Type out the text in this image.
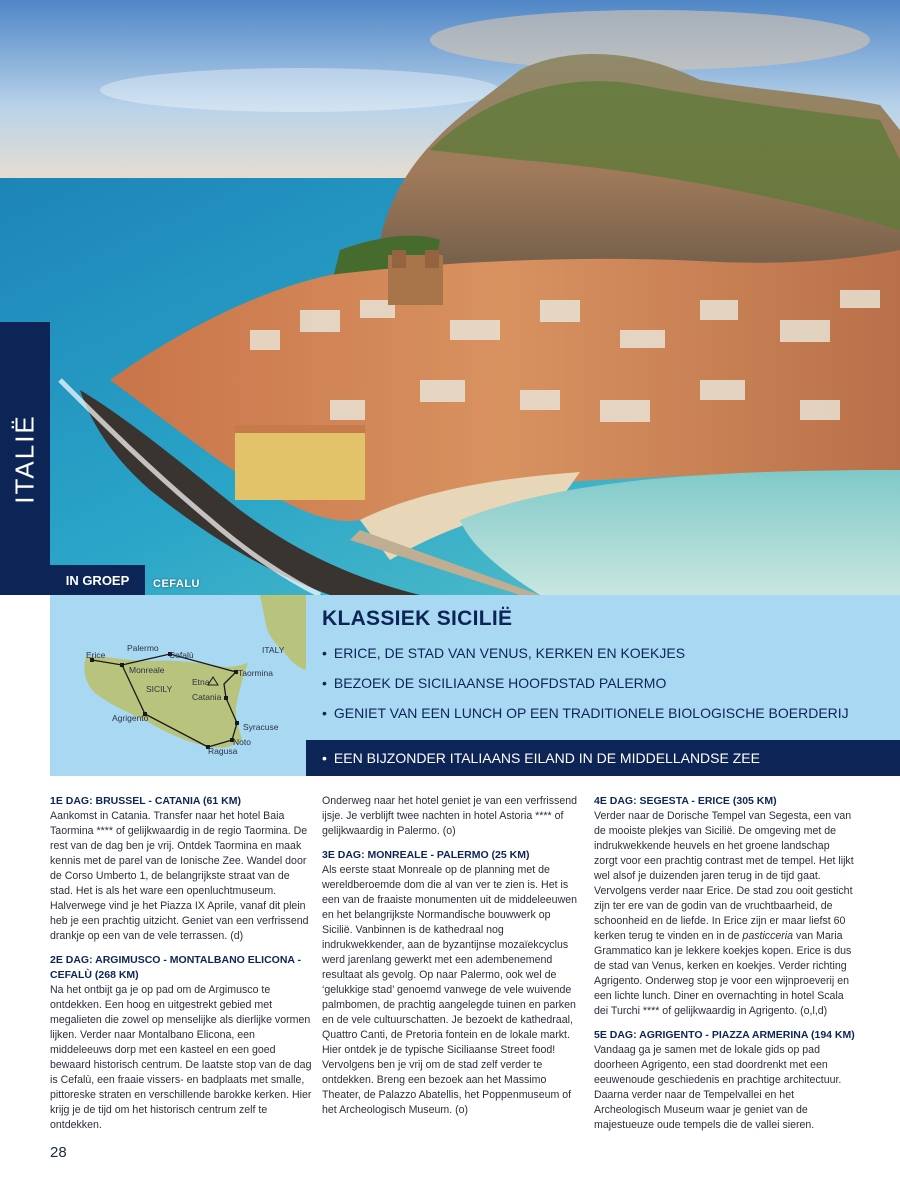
ITALIË
IN GROEP	CEFALU
Palermo
Erice	Cefalù	ITALY
Monreale	Taormina
Etna
SICILY
Catania
Agrigento
Syracuse
Noto
Ragusa
KLASSIEK SICILIË
• ERICE, DE STAD VAN VENUS, KERKEN EN KOEKJES
• BEZOEK DE SICILIAANSE HOOFDSTAD PALERMO
• GENIET VAN EEN LUNCH OP EEN TRADITIONELE BIOLOGISCHE BOERDERIJ
• EEN BIJZONDER ITALIAANS EILAND IN DE MIDDELLANDSE ZEE
1E DAG: BRUSSEL - CATANIA (61 KM)

Aankomst in Catania. Transfer naar het hotel Baia Taormina **** of gelijkwaardig in de regio Taormina. De rest van de dag ben je vrij. Ontdek Taormina en maak kennis met de parel van de Ionische Zee. Wandel door de Corso Umberto 1, de belangrijkste straat van de stad. Het is als het ware een openluchtmuseum. Halverwege vind je het Piazza IX Aprile, vanaf dit plein heb je een prachtig uitzicht. Geniet van een verfrissend drankje op een van de vele terrassen. (d)

2E DAG: ARGIMUSCO - MONTALBANO ELICONA - CEFALÙ (268 KM)

Na het ontbijt ga je op pad om de Argimusco te ontdekken. Een hoog en uitgestrekt gebied met megalieten die zowel op menselijke als dierlijke vormen lijken. Verder naar Montalbano Elicona, een middeleeuws dorp met een kasteel en een goed bewaard historisch centrum. De laatste stop van de dag is Cefalù, een fraaie vissers- en badplaats met smalle, pittoreske straten en verschillende barokke kerken. Hier krijg je de tijd om het historisch centrum zelf te ontdekken.

Onderweg naar het hotel geniet je van een verfrissend ijsje. Je verblijft twee nachten in hotel Astoria **** of gelijkwaardig in Palermo. (o)

3E DAG: MONREALE - PALERMO (25 KM)

Als eerste staat Monreale op de planning met de wereldberoemde dom die al van ver te zien is. Het is een van de fraaiste monumenten uit de middeleeuwen en het belangrijkste Normandische bouwwerk op Sicilië. Vanbinnen is de kathedraal nog indrukwekkender, aan de byzantijnse mozaïekcyclus werd jarenlang gewerkt met een adembenemend resultaat als gevolg. Op naar Palermo, ook wel de ‘gelukkige stad’ genoemd vanwege de vele wuivende palmbomen, de prachtig aangelegde tuinen en parken en de vele cultuurschatten. Je bezoekt de kathedraal, Quattro Canti, de Pretoria fontein en de lokale markt. Hier ontdek je de typische Siciliaanse Street food! Vervolgens ben je vrij om de stad zelf verder te ontdekken. Breng een bezoek aan het Massimo Theater, de Palazzo Abatellis, het Poppenmuseum of het Archeologisch Museum. (o)

4E DAG: SEGESTA - ERICE (305 KM)

Verder naar de Dorische Tempel van Segesta, een van de mooiste plekjes van Sicilië. De omgeving met de indrukwekkende heuvels en het groene landschap zorgt voor een prachtig contrast met de tempel. Het lijkt wel alsof je duizenden jaren terug in de tijd gaat. Vervolgens verder naar Erice. De stad zou ooit gesticht zijn ter ere van de godin van de vruchtbaarheid, de schoonheid en de liefde. In Erice zijn er maar liefst 60 kerken terug te vinden en in de pasticceria van Maria Grammatico kan je lekkere koekjes kopen. Erice is dus de stad van Venus, kerken en koekjes. Verder richting Agrigento. Onderweg stop je voor een wijnproeverij en een lichte lunch. Diner en overnachting in hotel Scala dei Turchi **** of gelijkwaardig in Agrigento. (o,l,d)

5E DAG: AGRIGENTO - PIAZZA ARMERINA (194 KM)

Vandaag ga je samen met de lokale gids op pad doorheen Agrigento, een stad doordrenkt met een eeuwenoude geschiedenis en prachtige architectuur. Daarna verder naar de Tempelvallei en het Archeologisch Museum waar je geniet van de majestueuze oude tempels die de vallei sieren.

28
